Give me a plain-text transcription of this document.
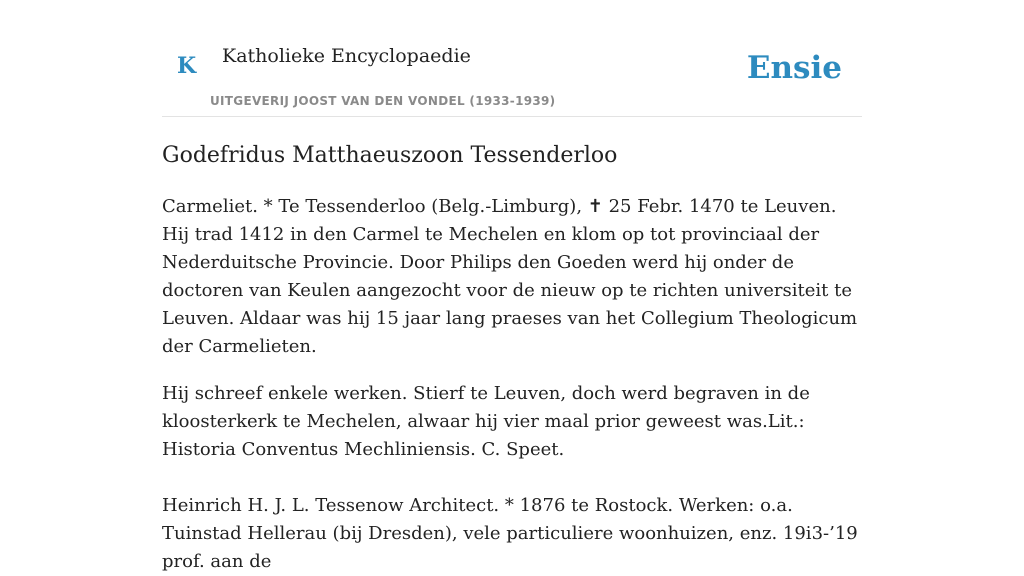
K Katholieke Encyclopaedie
UITGEVERIJ JOOST VAN DEN VONDEL (1933-1939)
Ensie
Godefridus Matthaeuszoon Tessenderloo

Carmeliet. * Te Tessenderloo (Belg.-Limburg), ✝ 25 Febr. 1470 te Leuven. Hij trad 1412 in den Carmel te Mechelen en klom op tot provinciaal der Nederduitsche Provincie. Door Philips den Goeden werd hij onder de doctoren van Keulen aangezocht voor de nieuw op te richten universiteit te Leuven. Aldaar was hij 15 jaar lang praeses van het Collegium Theologicum der Carmelieten.

Hij schreef enkele werken. Stierf te Leuven, doch werd begraven in de kloosterkerk te Mechelen, alwaar hij vier maal prior geweest was.Lit.: Historia Conventus Mechliniensis. C. Speet.

Heinrich H. J. L. Tessenow Architect. * 1876 te Rostock. Werken: o.a. Tuinstad Hellerau (bij Dresden), vele particuliere woonhuizen, enz. 19i3-’19 prof. aan de
